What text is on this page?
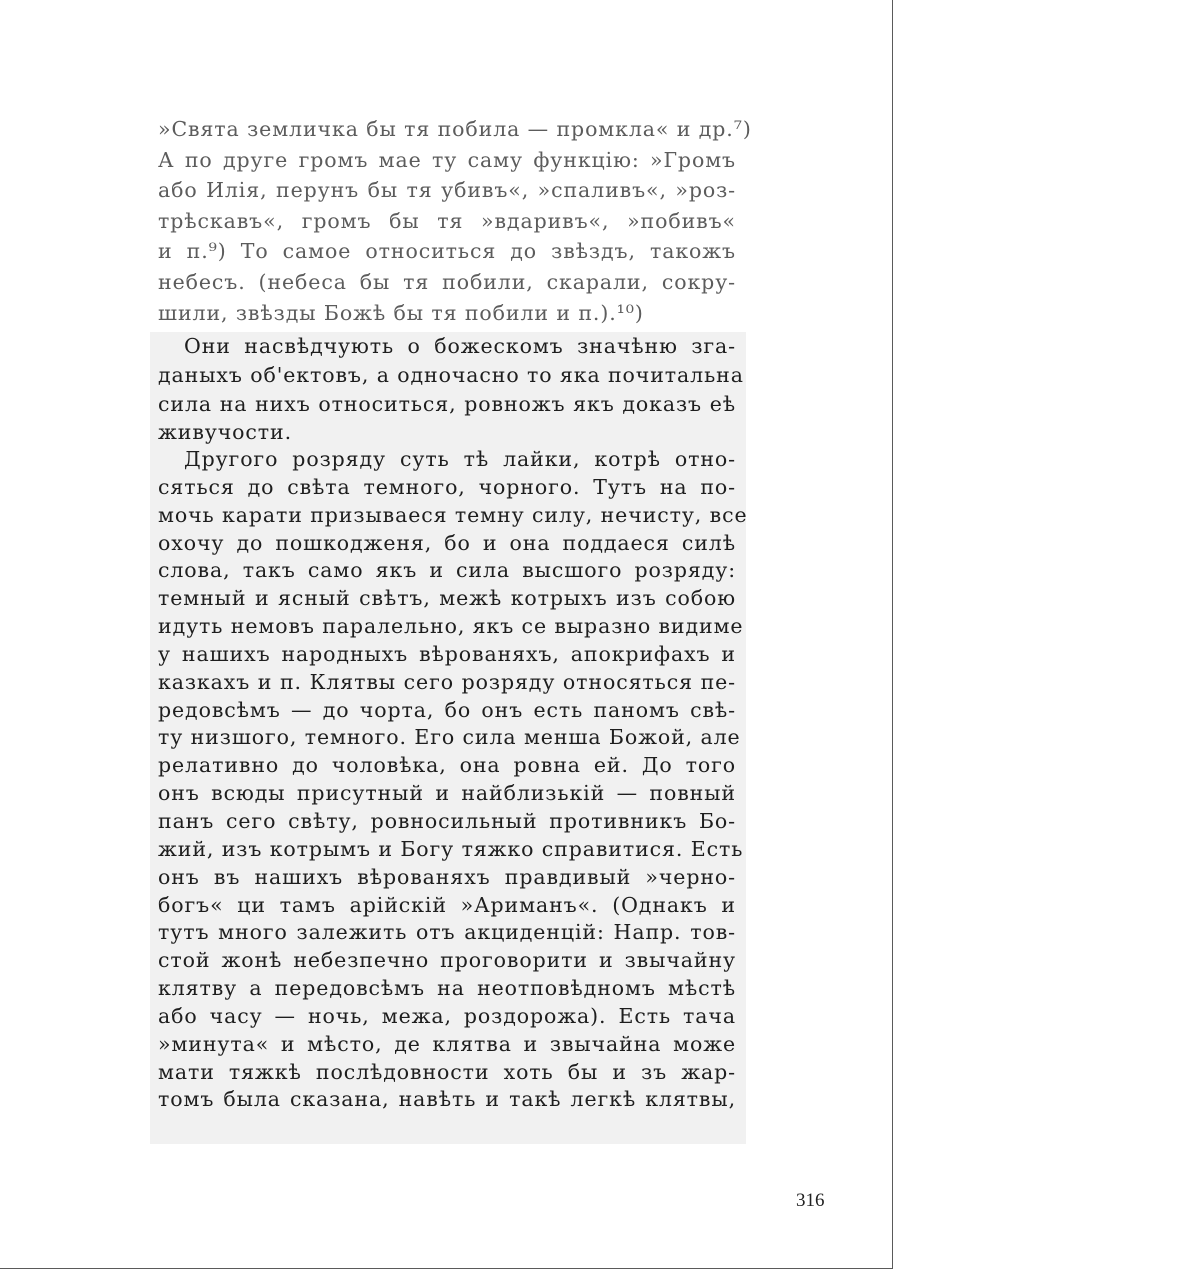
»Свята земличка бы тя побила — промкла« и др.⁷)
А по друге громъ мае ту саму функцію: »Громъ
або Илія, перунъ бы тя убивъ«, »спаливъ«, »роз-
трѣскавъ«, громъ бы тя »вдаривъ«, »побивъ«
и п.⁹) То самое относиться до звѣздъ, такожъ
небесъ. (небеса бы тя побили, скарали, сокру-
шили, звѣзды Божѣ бы тя побили и п.).¹⁰)
Они насвѣдчують о божескомъ значѣню зга-
даныхъ об'ектовъ, а одночасно то яка почитальна
сила на нихъ относиться, ровножъ якъ доказъ еѣ
живучости.
Другого розряду суть тѣ лайки, котрѣ отно-
сяться до свѣта темного, чорного. Тутъ на по-
мочь карати призываеся темну силу, нечисту, все
охочу до пошкодженя, бо и она поддаеся силѣ
слова, такъ само якъ и сила высшого розряду:
темный и ясный свѣтъ, межѣ котрыхъ изъ собою
идуть немовъ паралельно, якъ се выразно видиме
у нашихъ народныхъ вѣрованяхъ, апокрифахъ и
казкахъ и п. Клятвы сего розряду относяться пе-
редовсѣмъ — до чорта, бо онъ есть паномъ свѣ-
ту низшого, темного. Его сила менша Божой, але
релативно до чоловѣка, она ровна ей. До того
онъ всюды присутный и найблизькій — повный
панъ сего свѣту, ровносильный противникъ Бо-
жий, изъ котрымъ и Богу тяжко справитися. Есть
онъ въ нашихъ вѣрованяхъ правдивый »черно-
богъ« ци тамъ арійскій »Ариманъ«. (Однакъ и
тутъ много залежить отъ акциденцій: Напр. тов-
стой жонѣ небезпечно проговорити и звычайну
клятву а передовсѣмъ на неотповѣдномъ мѣстѣ
або часу — ночь, межа, роздорожа). Есть тача
»минута« и мѣсто, де клятва и звычайна може
мати тяжкѣ послѣдовности хоть бы и зъ жар-
томъ была сказана, навѣть и такѣ легкѣ клятвы,
316
